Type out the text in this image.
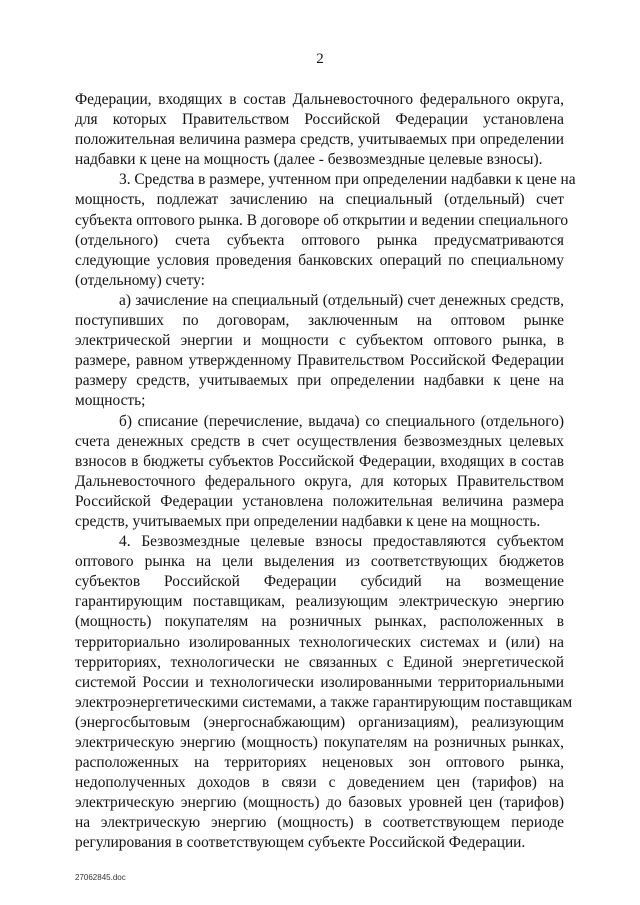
2
Федерации, входящих в состав Дальневосточного федерального округа,
для которых Правительством Российской Федерации установлена
положительная величина размера средств, учитываемых при определении
надбавки к цене на мощность (далее - безвозмездные целевые взносы).
3. Средства в размере, учтенном при определении надбавки к цене на
мощность, подлежат зачислению на специальный (отдельный) счет
субъекта оптового рынка. В договоре об открытии и ведении специального
(отдельного) счета субъекта оптового рынка предусматриваются
следующие условия проведения банковских операций по специальному
(отдельному) счету:
а) зачисление на специальный (отдельный) счет денежных средств,
поступивших по договорам, заключенным на оптовом рынке
электрической энергии и мощности с субъектом оптового рынка, в
размере, равном утвержденному Правительством Российской Федерации
размеру средств, учитываемых при определении надбавки к цене на
мощность;
б) списание (перечисление, выдача) со специального (отдельного)
счета денежных средств в счет осуществления безвозмездных целевых
взносов в бюджеты субъектов Российской Федерации, входящих в состав
Дальневосточного федерального округа, для которых Правительством
Российской Федерации установлена положительная величина размера
средств, учитываемых при определении надбавки к цене на мощность.
4. Безвозмездные целевые взносы предоставляются субъектом
оптового рынка на цели выделения из соответствующих бюджетов
субъектов Российской Федерации субсидий на возмещение
гарантирующим поставщикам, реализующим электрическую энергию
(мощность) покупателям на розничных рынках, расположенных в
территориально изолированных технологических системах и (или) на
территориях, технологически не связанных с Единой энергетической
системой России и технологически изолированными территориальными
электроэнергетическими системами, а также гарантирующим поставщикам
(энергосбытовым (энергоснабжающим) организациям), реализующим
электрическую энергию (мощность) покупателям на розничных рынках,
расположенных на территориях неценовых зон оптового рынка,
недополученных доходов в связи с доведением цен (тарифов) на
электрическую энергию (мощность) до базовых уровней цен (тарифов)
на электрическую энергию (мощность) в соответствующем периоде
регулирования в соответствующем субъекте Российской Федерации.
27062845.doc
